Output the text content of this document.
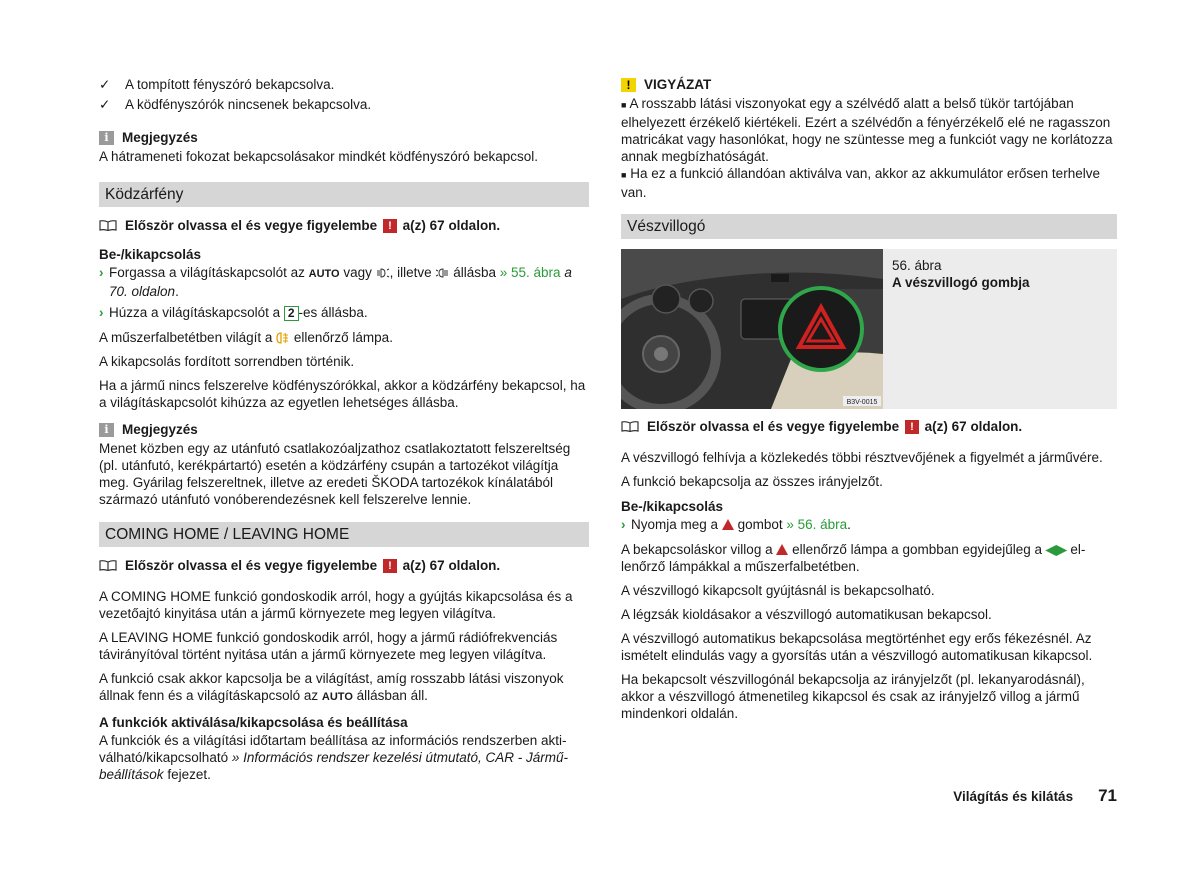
✓ A tompított fényszóró bekapcsolva.
✓ A ködfényszórók nincsenek bekapcsolva.
i Megjegyzés

A hátrameneti fokozat bekapcsolásakor mindkét ködfényszóró bekapcsol.

Ködzárfény
Először olvassa el és vegye figyelembe
!
a(z) 67 oldalon.
Be-/kikapcsolás
› Forgassa a világításkapcsolót az AUTO vagy , illetve állásba » 55. ábra a
70. oldalon.
› Húzza a világításkapcsolót a 2 -es állásba.

A műszerfalbetétben világít a ellenőrző lámpa.

A kikapcsolás fordított sorrendben történik.

Ha a jármű nincs felszerelve ködfényszórókkal, akkor a ködzárfény bekapcsol, ha a világításkapcsolót kihúzza az egyetlen lehetséges állásba.

i Megjegyzés

Menet közben egy az utánfutó csatlakozóaljzathoz csatlakoztatott felszereltség (pl. utánfutó, kerékpártartó) esetén a ködzárfény csupán a tartozékot világítja meg. Gyárilag felszereltnek, illetve az eredeti ŠKODA tartozékok kínálatából származó utánfutó vonóberendezésnek kell felszerelve lennie.

COMING HOME / LEAVING HOME
Először olvassa el és vegye figyelembe
!
a(z) 67 oldalon.

A COMING HOME funkció gondoskodik arról, hogy a gyújtás kikapcsolása és a vezetőajtó kinyitása után a jármű környezete meg legyen világítva.

A LEAVING HOME funkció gondoskodik arról, hogy a jármű rádiófrekvenciás távirányítóval történt nyitása után a jármű környezete meg legyen világítva.

A funkció csak akkor kapcsolja be a világítást, amíg rosszabb látási viszonyok állnak fenn és a világításkapcsoló az AUTO állásban áll.

A funkciók aktiválása/kikapcsolása és beállítása

A funkciók és a világítási időtartam beállítása az információs rendszerben aktiválható/kikapcsolható » Információs rendszer kezelési útmutató, CAR - Járműbeállítások fejezet.

!	VIGYÁZAT

■ A rosszabb látási viszonyokat egy a szélvédő alatt a belső tükör tartójában elhelyezett érzékelő kiértékeli. Ezért a szélvédőn a fényérzékelő elé ne ragasszon matricákat vagy hasonlókat, hogy ne szüntesse meg a funkciót vagy ne korlátozza annak megbízhatóságát.

■ Ha ez a funkció állandóan aktiválva van, akkor az akkumulátor erősen terhelve van.

Vészvillogó
B3V-0015
56. ábra
A vészvillogó gombja
Először olvassa el és vegye figyelembe
!
a(z) 67 oldalon.

A vészvillogó felhívja a közlekedés többi résztvevőjének a figyelmét a járművére.

A funkció bekapcsolja az összes irányjelzőt.

Be-/kikapcsolás
› Nyomja meg a gombot » 56. ábra.

A bekapcsoláskor villog a ellenőrző lámpa a gombban egyidejűleg a ◀▶ ellenőrző lámpákkal a műszerfalbetétben.

A vészvillogó kikapcsolt gyújtásnál is bekapcsolható.

A légzsák kioldásakor a vészvillogó automatikusan bekapcsol.

A vészvillogó automatikus bekapcsolása megtörténhet egy erős fékezésnél. Az ismételt elindulás vagy a gyorsítás után a vészvillogó automatikusan kikapcsol.

Ha bekapcsolt vészvillogónál bekapcsolja az irányjelzőt (pl. lekanyarodásnál), akkor a vészvillogó átmenetileg kikapcsol és csak az irányjelző villog a jármű mindenkori oldalán.

Világítás és kilátás 71
